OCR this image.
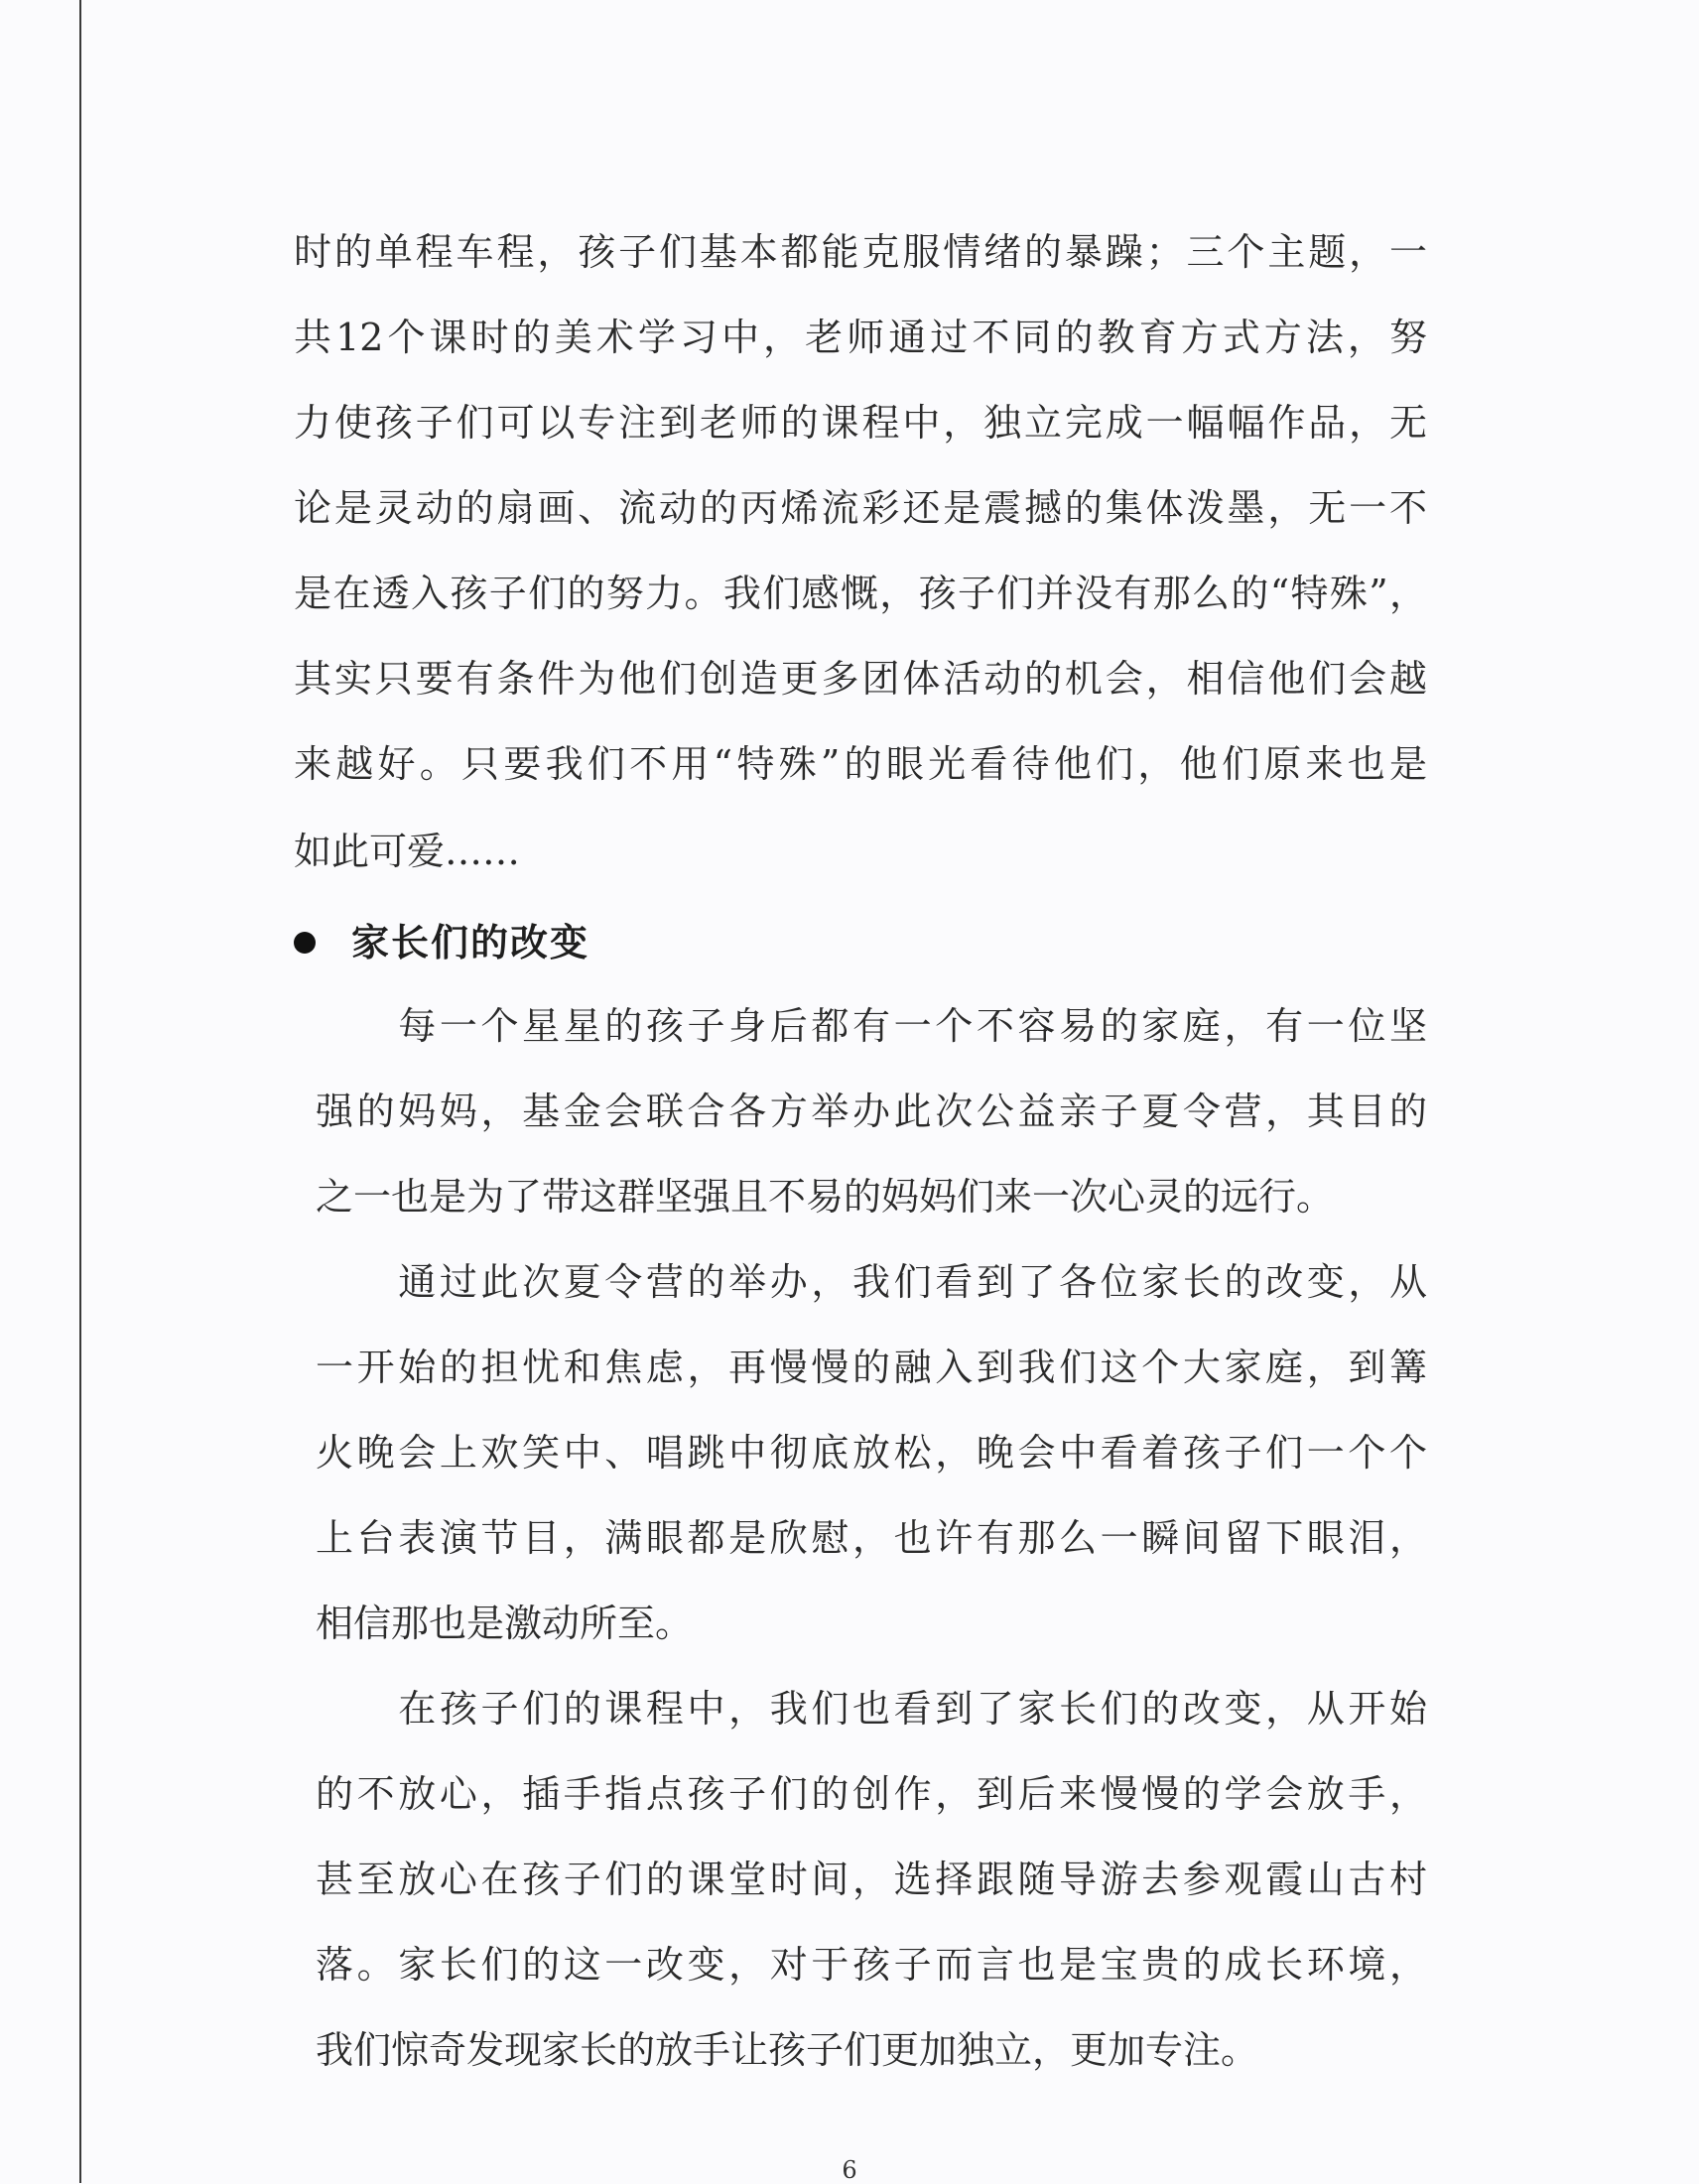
时的单程车程，孩子们基本都能克服情绪的暴躁；三个主题，一
共12个课时的美术学习中，老师通过不同的教育方式方法，努
力使孩子们可以专注到老师的课程中，独立完成一幅幅作品，无
论是灵动的扇画、流动的丙烯流彩还是震撼的集体泼墨，无一不
是在透入孩子们的努力。我们感慨，孩子们并没有那么的“特殊”，
其实只要有条件为他们创造更多团体活动的机会，相信他们会越
来越好。只要我们不用“特殊”的眼光看待他们，他们原来也是
如此可爱……
家长们的改变
　　每一个星星的孩子身后都有一个不容易的家庭，有一位坚
强的妈妈，基金会联合各方举办此次公益亲子夏令营，其目的
之一也是为了带这群坚强且不易的妈妈们来一次心灵的远行。
　　通过此次夏令营的举办，我们看到了各位家长的改变，从
一开始的担忧和焦虑，再慢慢的融入到我们这个大家庭，到篝
火晚会上欢笑中、唱跳中彻底放松，晚会中看着孩子们一个个
上台表演节目，满眼都是欣慰，也许有那么一瞬间留下眼泪，
相信那也是激动所至。
　　在孩子们的课程中，我们也看到了家长们的改变，从开始
的不放心，插手指点孩子们的创作，到后来慢慢的学会放手，
甚至放心在孩子们的课堂时间，选择跟随导游去参观霞山古村
落。家长们的这一改变，对于孩子而言也是宝贵的成长环境，
我们惊奇发现家长的放手让孩子们更加独立，更加专注。
6
